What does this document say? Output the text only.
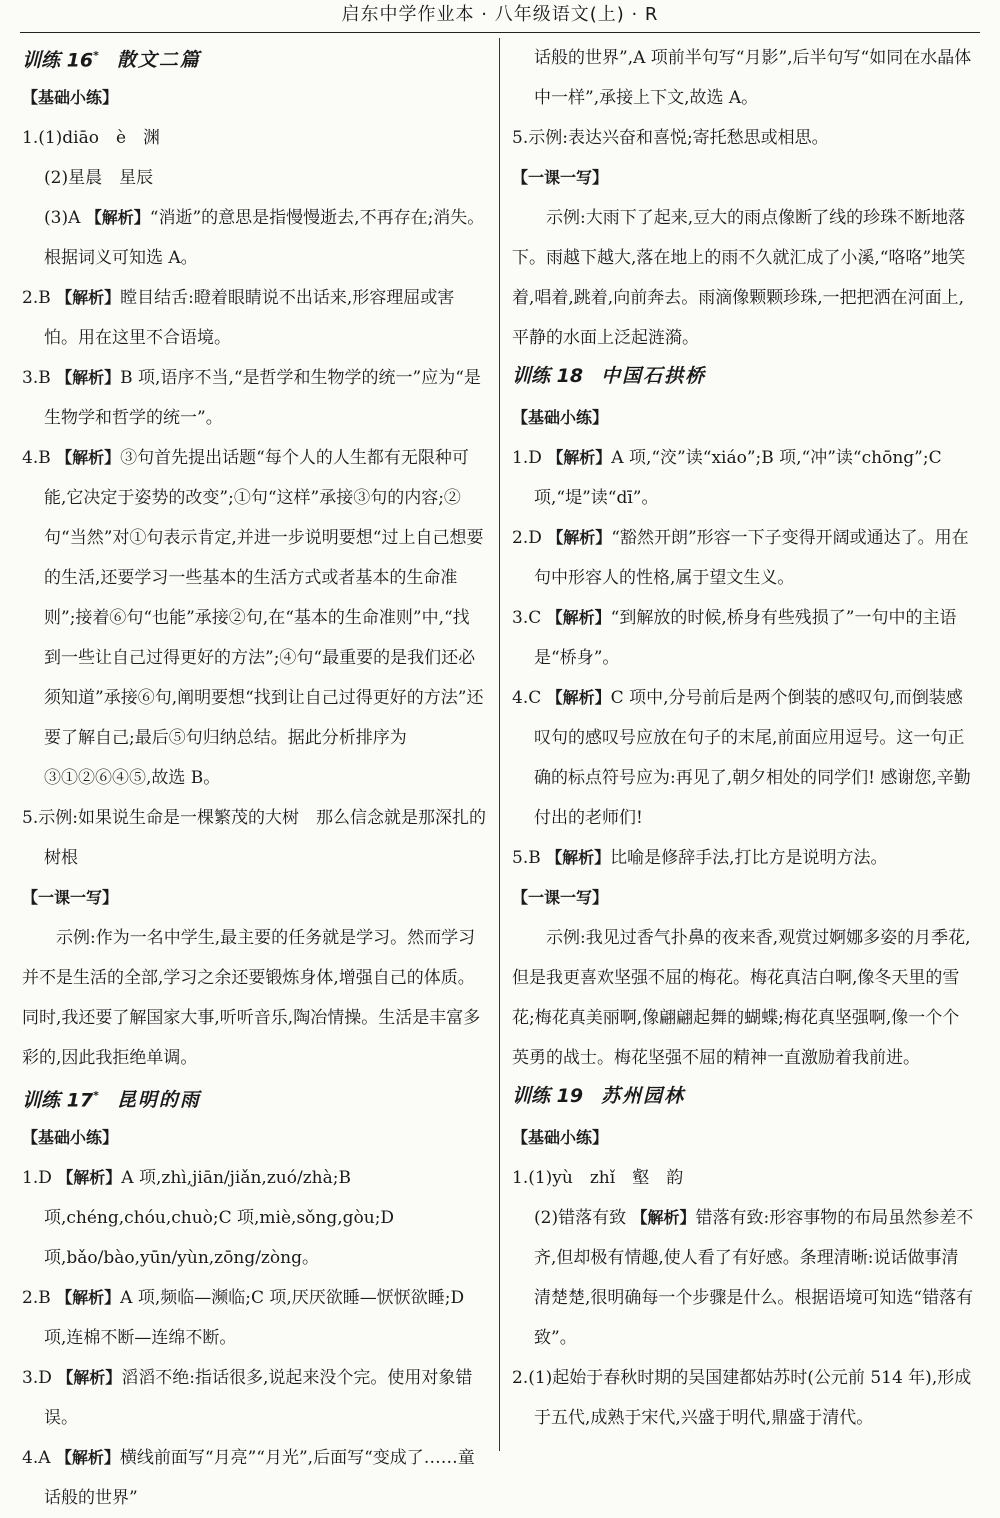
启东中学作业本 · 八年级语文(上) · R
训练 16* 散文二篇
【基础小练】

1.(1)diāo　è　渊

(2)星晨　星辰

(3)A 【解析】“消逝”的意思是指慢慢逝去,不再存在;消失。根据词义可知选 A。

2.B 【解析】瞠目结舌:瞪着眼睛说不出话来,形容理屈或害怕。用在这里不合语境。

3.B 【解析】B 项,语序不当,“是哲学和生物学的统一”应为“是生物学和哲学的统一”。

4.B 【解析】③句首先提出话题“每个人的人生都有无限种可能,它决定于姿势的改变”;①句“这样”承接③句的内容;②句“当然”对①句表示肯定,并进一步说明要想“过上自己想要的生活,还要学习一些基本的生活方式或者基本的生命准则”;接着⑥句“也能”承接②句,在“基本的生命准则”中,“找到一些让自己过得更好的方法”;④句“最重要的是我们还必须知道”承接⑥句,阐明要想“找到让自己过得更好的方法”还要了解自己;最后⑤句归纳总结。据此分析排序为③①②⑥④⑤,故选 B。

5.示例:如果说生命是一棵繁茂的大树　那么信念就是那深扎的树根

【一课一写】

示例:作为一名中学生,最主要的任务就是学习。然而学习并不是生活的全部,学习之余还要锻炼身体,增强自己的体质。同时,我还要了解国家大事,听听音乐,陶冶情操。生活是丰富多彩的,因此我拒绝单调。

训练 17* 昆明的雨
【基础小练】

1.D 【解析】A 项,zhì,jiān/jiǎn,zuó/zhà;B 项,chéng,chóu,chuò;C 项,miè,sǒng,gòu;D 项,bǎo/bào,yūn/yùn,zōng/zòng。

2.B 【解析】A 项,频临—濒临;C 项,厌厌欲睡—恹恹欲睡;D 项,连棉不断—连绵不断。

3.D 【解析】滔滔不绝:指话很多,说起来没个完。使用对象错误。

4.A 【解析】横线前面写“月亮”“月光”,后面写“变成了……童话般的世界”

话般的世界”,A 项前半句写“月影”,后半句写“如同在水晶体中一样”,承接上下文,故选 A。

5.示例:表达兴奋和喜悦;寄托愁思或相思。

【一课一写】

示例:大雨下了起来,豆大的雨点像断了线的珍珠不断地落下。雨越下越大,落在地上的雨不久就汇成了小溪,“咯咯”地笑着,唱着,跳着,向前奔去。雨滴像颗颗珍珠,一把把洒在河面上,平静的水面上泛起涟漪。

训练 18 中国石拱桥
【基础小练】

1.D 【解析】A 项,“洨”读“xiáo”;B 项,“冲”读“chōng”;C 项,“堤”读“dī”。

2.D 【解析】“豁然开朗”形容一下子变得开阔或通达了。用在句中形容人的性格,属于望文生义。

3.C 【解析】“到解放的时候,桥身有些残损了”一句中的主语是“桥身”。

4.C 【解析】C 项中,分号前后是两个倒装的感叹句,而倒装感叹句的感叹号应放在句子的末尾,前面应用逗号。这一句正确的标点符号应为:再见了,朝夕相处的同学们! 感谢您,辛勤付出的老师们!

5.B 【解析】比喻是修辞手法,打比方是说明方法。

【一课一写】

示例:我见过香气扑鼻的夜来香,观赏过婀娜多姿的月季花,但是我更喜欢坚强不屈的梅花。梅花真洁白啊,像冬天里的雪花;梅花真美丽啊,像翩翩起舞的蝴蝶;梅花真坚强啊,像一个个英勇的战士。梅花坚强不屈的精神一直激励着我前进。

训练 19 苏州园林
【基础小练】

1.(1)yù　zhǐ　壑　韵

(2)错落有致 【解析】错落有致:形容事物的布局虽然参差不齐,但却极有情趣,使人看了有好感。条理清晰:说话做事清清楚楚,很明确每一个步骤是什么。根据语境可知选“错落有致”。

2.(1)起始于春秋时期的吴国建都姑苏时(公元前 514 年),形成于五代,成熟于宋代,兴盛于明代,鼎盛于清代。
